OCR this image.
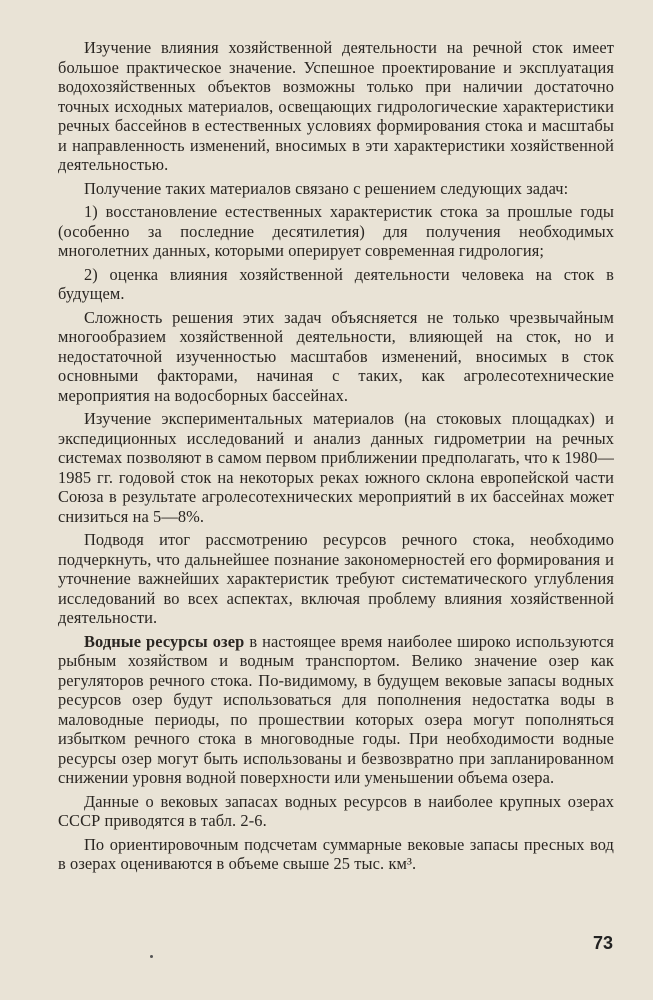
Изучение влияния хозяйственной деятельности на речной сток имеет большое практическое значение. Успешное проектирование и эксплуатация водохозяйственных объектов возможны только при наличии достаточно точных исходных материалов, освещающих гидрологические характеристики речных бассейнов в естественных условиях формирования стока и масштабы и направленность изменений, вносимых в эти характеристики хозяйственной деятельностью.

Получение таких материалов связано с решением следующих задач:

1) восстановление естественных характеристик стока за прошлые годы (особенно за последние десятилетия) для получения необходимых многолетних данных, которыми оперирует современная гидрология;

2) оценка влияния хозяйственной деятельности человека на сток в будущем.

Сложность решения этих задач объясняется не только чрезвычайным многообразием хозяйственной деятельности, влияющей на сток, но и недостаточной изученностью масштабов изменений, вносимых в сток основными факторами, начиная с таких, как агролесотехнические мероприятия на водосборных бассейнах.

Изучение экспериментальных материалов (на стоковых площадках) и экспедиционных исследований и анализ данных гидрометрии на речных системах позволяют в самом первом приближении предполагать, что к 1980—1985 гг. годовой сток на некоторых реках южного склона европейской части Союза в результате агролесотехнических мероприятий в их бассейнах может снизиться на 5—8%.

Подводя итог рассмотрению ресурсов речного стока, необходимо подчеркнуть, что дальнейшее познание закономерностей его формирования и уточнение важнейших характеристик требуют систематического углубления исследований во всех аспектах, включая проблему влияния хозяйственной деятельности.

Водные ресурсы озер в настоящее время наиболее широко используются рыбным хозяйством и водным транспортом. Велико значение озер как регуляторов речного стока. По-видимому, в будущем вековые запасы водных ресурсов озер будут использоваться для пополнения недостатка воды в маловодные периоды, по прошествии которых озера могут пополняться избытком речного стока в многоводные годы. При необходимости водные ресурсы озер могут быть использованы и безвозвратно при запланированном снижении уровня водной поверхности или уменьшении объема озера.

Данные о вековых запасах водных ресурсов в наиболее крупных озерах СССР приводятся в табл. 2-6.

По ориентировочным подсчетам суммарные вековые запасы пресных вод в озерах оцениваются в объеме свыше 25 тыс. км³.

73
